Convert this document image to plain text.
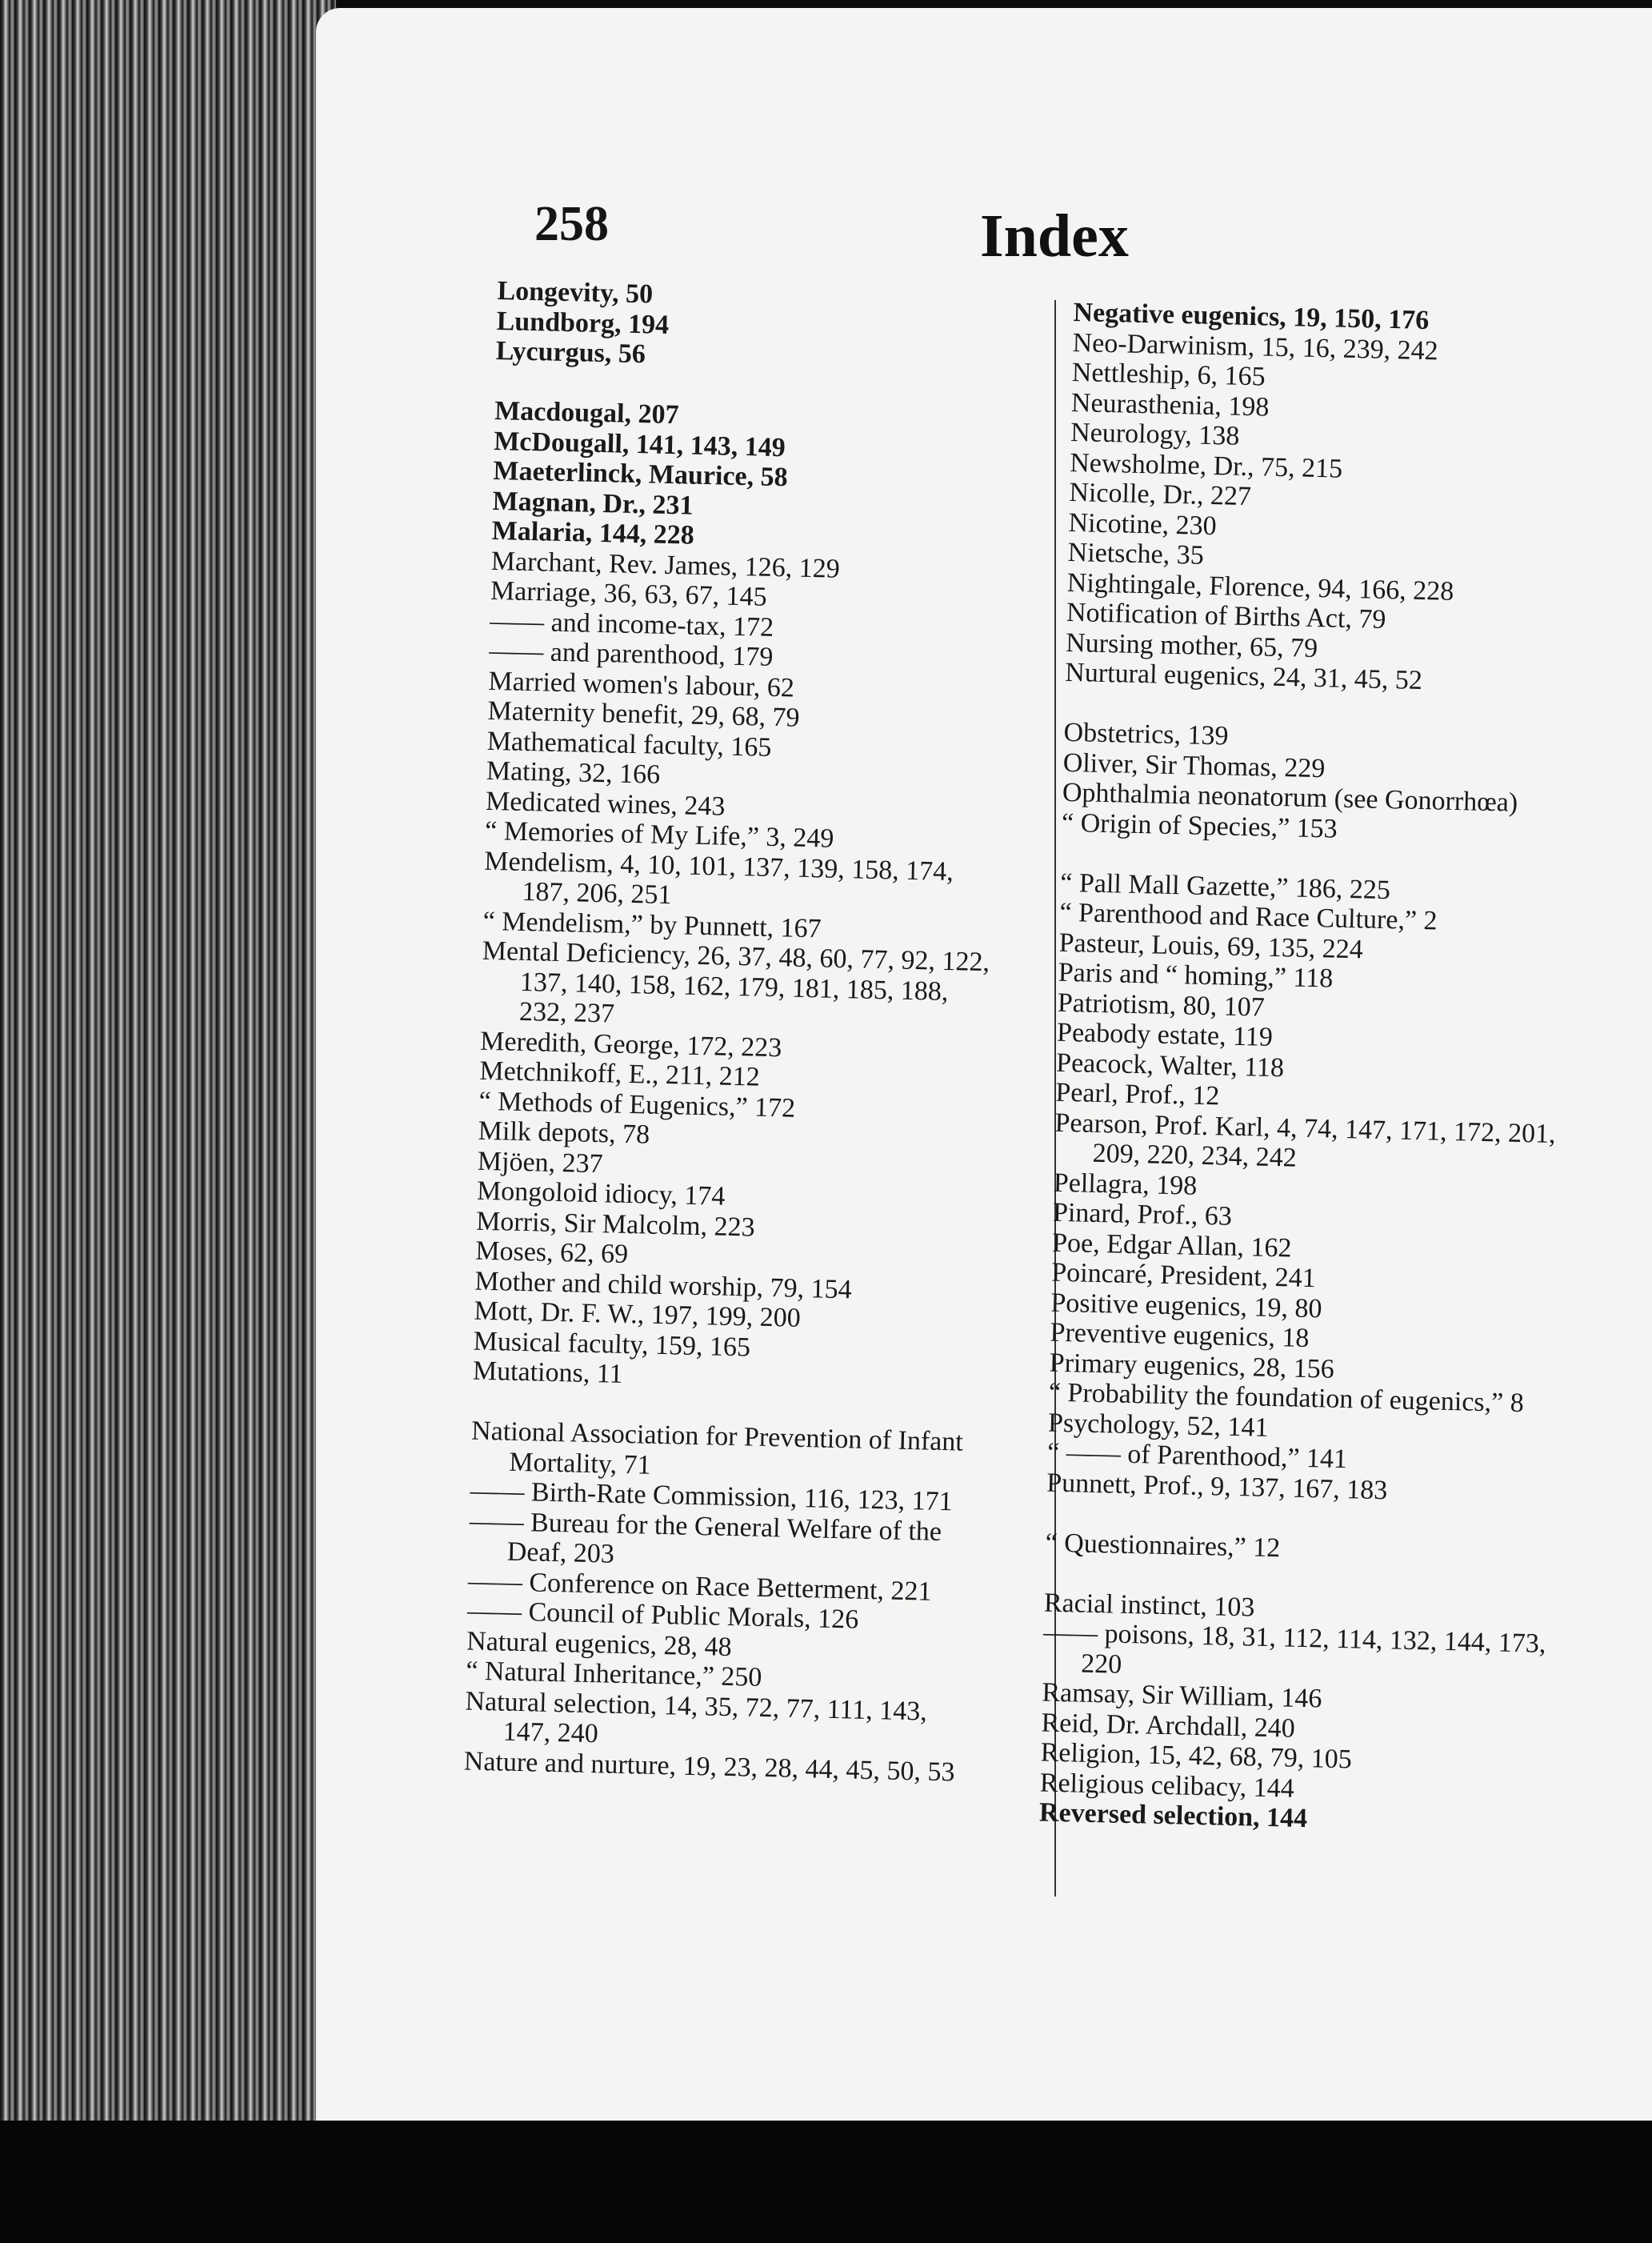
258	Index
Longevity, 50
Lundborg, 194
Lycurgus, 56
Macdougal, 207
McDougall, 141, 143, 149
Maeterlinck, Maurice, 58
Magnan, Dr., 231
Malaria, 144, 228
Marchant, Rev. James, 126, 129
Marriage, 36, 63, 67, 145
—— and income-tax, 172
—— and parenthood, 179
Married women's labour, 62
Maternity benefit, 29, 68, 79
Mathematical faculty, 165
Mating, 32, 166
Medicated wines, 243
“ Memories of My Life,” 3, 249
Mendelism, 4, 10, 101, 137, 139, 158, 174, 187, 206, 251
“ Mendelism,” by Punnett, 167
Mental Deficiency, 26, 37, 48, 60, 77, 92, 122, 137, 140, 158, 162, 179, 181, 185, 188, 232, 237
Meredith, George, 172, 223
Metchnikoff, E., 211, 212
“ Methods of Eugenics,” 172
Milk depots, 78
Mjöen, 237
Mongoloid idiocy, 174
Morris, Sir Malcolm, 223
Moses, 62, 69
Mother and child worship, 79, 154
Mott, Dr. F. W., 197, 199, 200
Musical faculty, 159, 165
Mutations, 11
National Association for Prevention of Infant Mortality, 71
—— Birth-Rate Commission, 116, 123, 171
—— Bureau for the General Welfare of the Deaf, 203
—— Conference on Race Betterment, 221
—— Council of Public Morals, 126
Natural eugenics, 28, 48
“ Natural Inheritance,” 250
Natural selection, 14, 35, 72, 77, 111, 143, 147, 240
Nature and nurture, 19, 23, 28, 44, 45, 50, 53
Negative eugenics, 19, 150, 176
Neo-Darwinism, 15, 16, 239, 242
Nettleship, 6, 165
Neurasthenia, 198
Neurology, 138
Newsholme, Dr., 75, 215
Nicolle, Dr., 227
Nicotine, 230
Nietsche, 35
Nightingale, Florence, 94, 166, 228
Notification of Births Act, 79
Nursing mother, 65, 79
Nurtural eugenics, 24, 31, 45, 52
Obstetrics, 139
Oliver, Sir Thomas, 229
Ophthalmia neonatorum (see Gonorrhœa)
“ Origin of Species,” 153
“ Pall Mall Gazette,” 186, 225
“ Parenthood and Race Culture,” 2
Pasteur, Louis, 69, 135, 224
Paris and “ homing,” 118
Patriotism, 80, 107
Peabody estate, 119
Peacock, Walter, 118
Pearl, Prof., 12
Pearson, Prof. Karl, 4, 74, 147, 171, 172, 201, 209, 220, 234, 242
Pellagra, 198
Pinard, Prof., 63
Poe, Edgar Allan, 162
Poincaré, President, 241
Positive eugenics, 19, 80
Preventive eugenics, 18
Primary eugenics, 28, 156
“ Probability the foundation of eugenics,” 8
Psychology, 52, 141
“ —— of Parenthood,” 141
Punnett, Prof., 9, 137, 167, 183
“ Questionnaires,” 12
Racial instinct, 103
—— poisons, 18, 31, 112, 114, 132, 144, 173, 220
Ramsay, Sir William, 146
Reid, Dr. Archdall, 240
Religion, 15, 42, 68, 79, 105
Religious celibacy, 144
Reversed selection, 144
